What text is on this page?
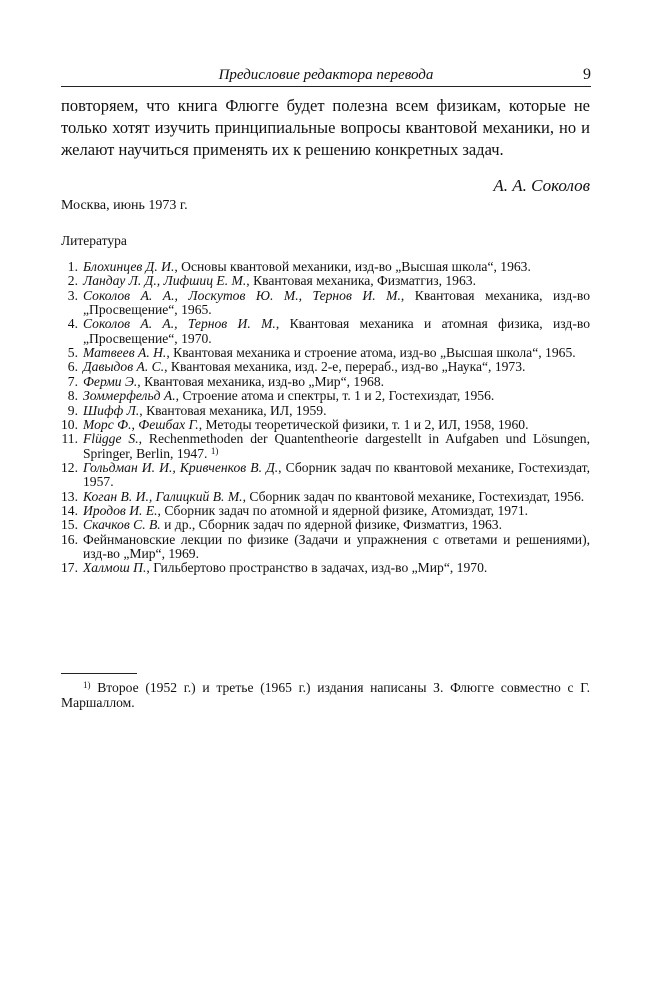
Предисловие редактора перевода	9
повторяем, что книга Флюгге будет полезна всем физикам, которые не только хотят изучить принципиальные вопросы квантовой механики, но и желают научиться применять их к решению конкретных задач.
А. А. Соколов
Москва, июнь 1973 г.
Литература
1. Блохинцев Д. И., Основы квантовой механики, изд-во „Высшая школа“, 1963.
2. Ландау Л. Д., Лифшиц Е. М., Квантовая механика, Физматгиз, 1963.
3. Соколов А. А., Лоскутов Ю. М., Тернов И. М., Квантовая механика, изд-во „Просвещение“, 1965.
4. Соколов А. А., Тернов И. М., Квантовая механика и атомная физика, изд-во „Просвещение“, 1970.
5. Матвеев А. Н., Квантовая механика и строение атома, изд-во „Высшая школа“, 1965.
6. Давыдов А. С., Квантовая механика, изд. 2-е, перераб., изд-во „Наука“, 1973.
7. Ферми Э., Квантовая механика, изд-во „Мир“, 1968.
8. Зоммерфельд А., Строение атома и спектры, т. 1 и 2, Гостехиздат, 1956.
9. Шифф Л., Квантовая механика, ИЛ, 1959.
10. Морс Ф., Фешбах Г., Методы теоретической физики, т. 1 и 2, ИЛ, 1958, 1960.
11. Flügge S., Rechenmethoden der Quantentheorie dargestellt in Aufgaben und Lösungen, Springer, Berlin, 1947. $^{1)}$
12. Гольдман И. И., Кривченков В. Д., Сборник задач по квантовой механике, Гостехиздат, 1957.
13. Коган В. И., Галицкий В. М., Сборник задач по квантовой механике, Гостехиздат, 1956.
14. Иродов И. Е., Сборник задач по атомной и ядерной физике, Атомиздат, 1971.
15. Скачков С. В. и др., Сборник задач по ядерной физике, Физматгиз, 1963.
16. Фейнмановские лекции по физике (Задачи и упражнения с ответами и решениями), изд-во „Мир“, 1969.
17. Халмош П., Гильбертово пространство в задачах, изд-во „Мир“, 1970.
$^{1)}$ Второе (1952 г.) и третье (1965 г.) издания написаны З. Флюгге совместно с Г. Маршаллом.
